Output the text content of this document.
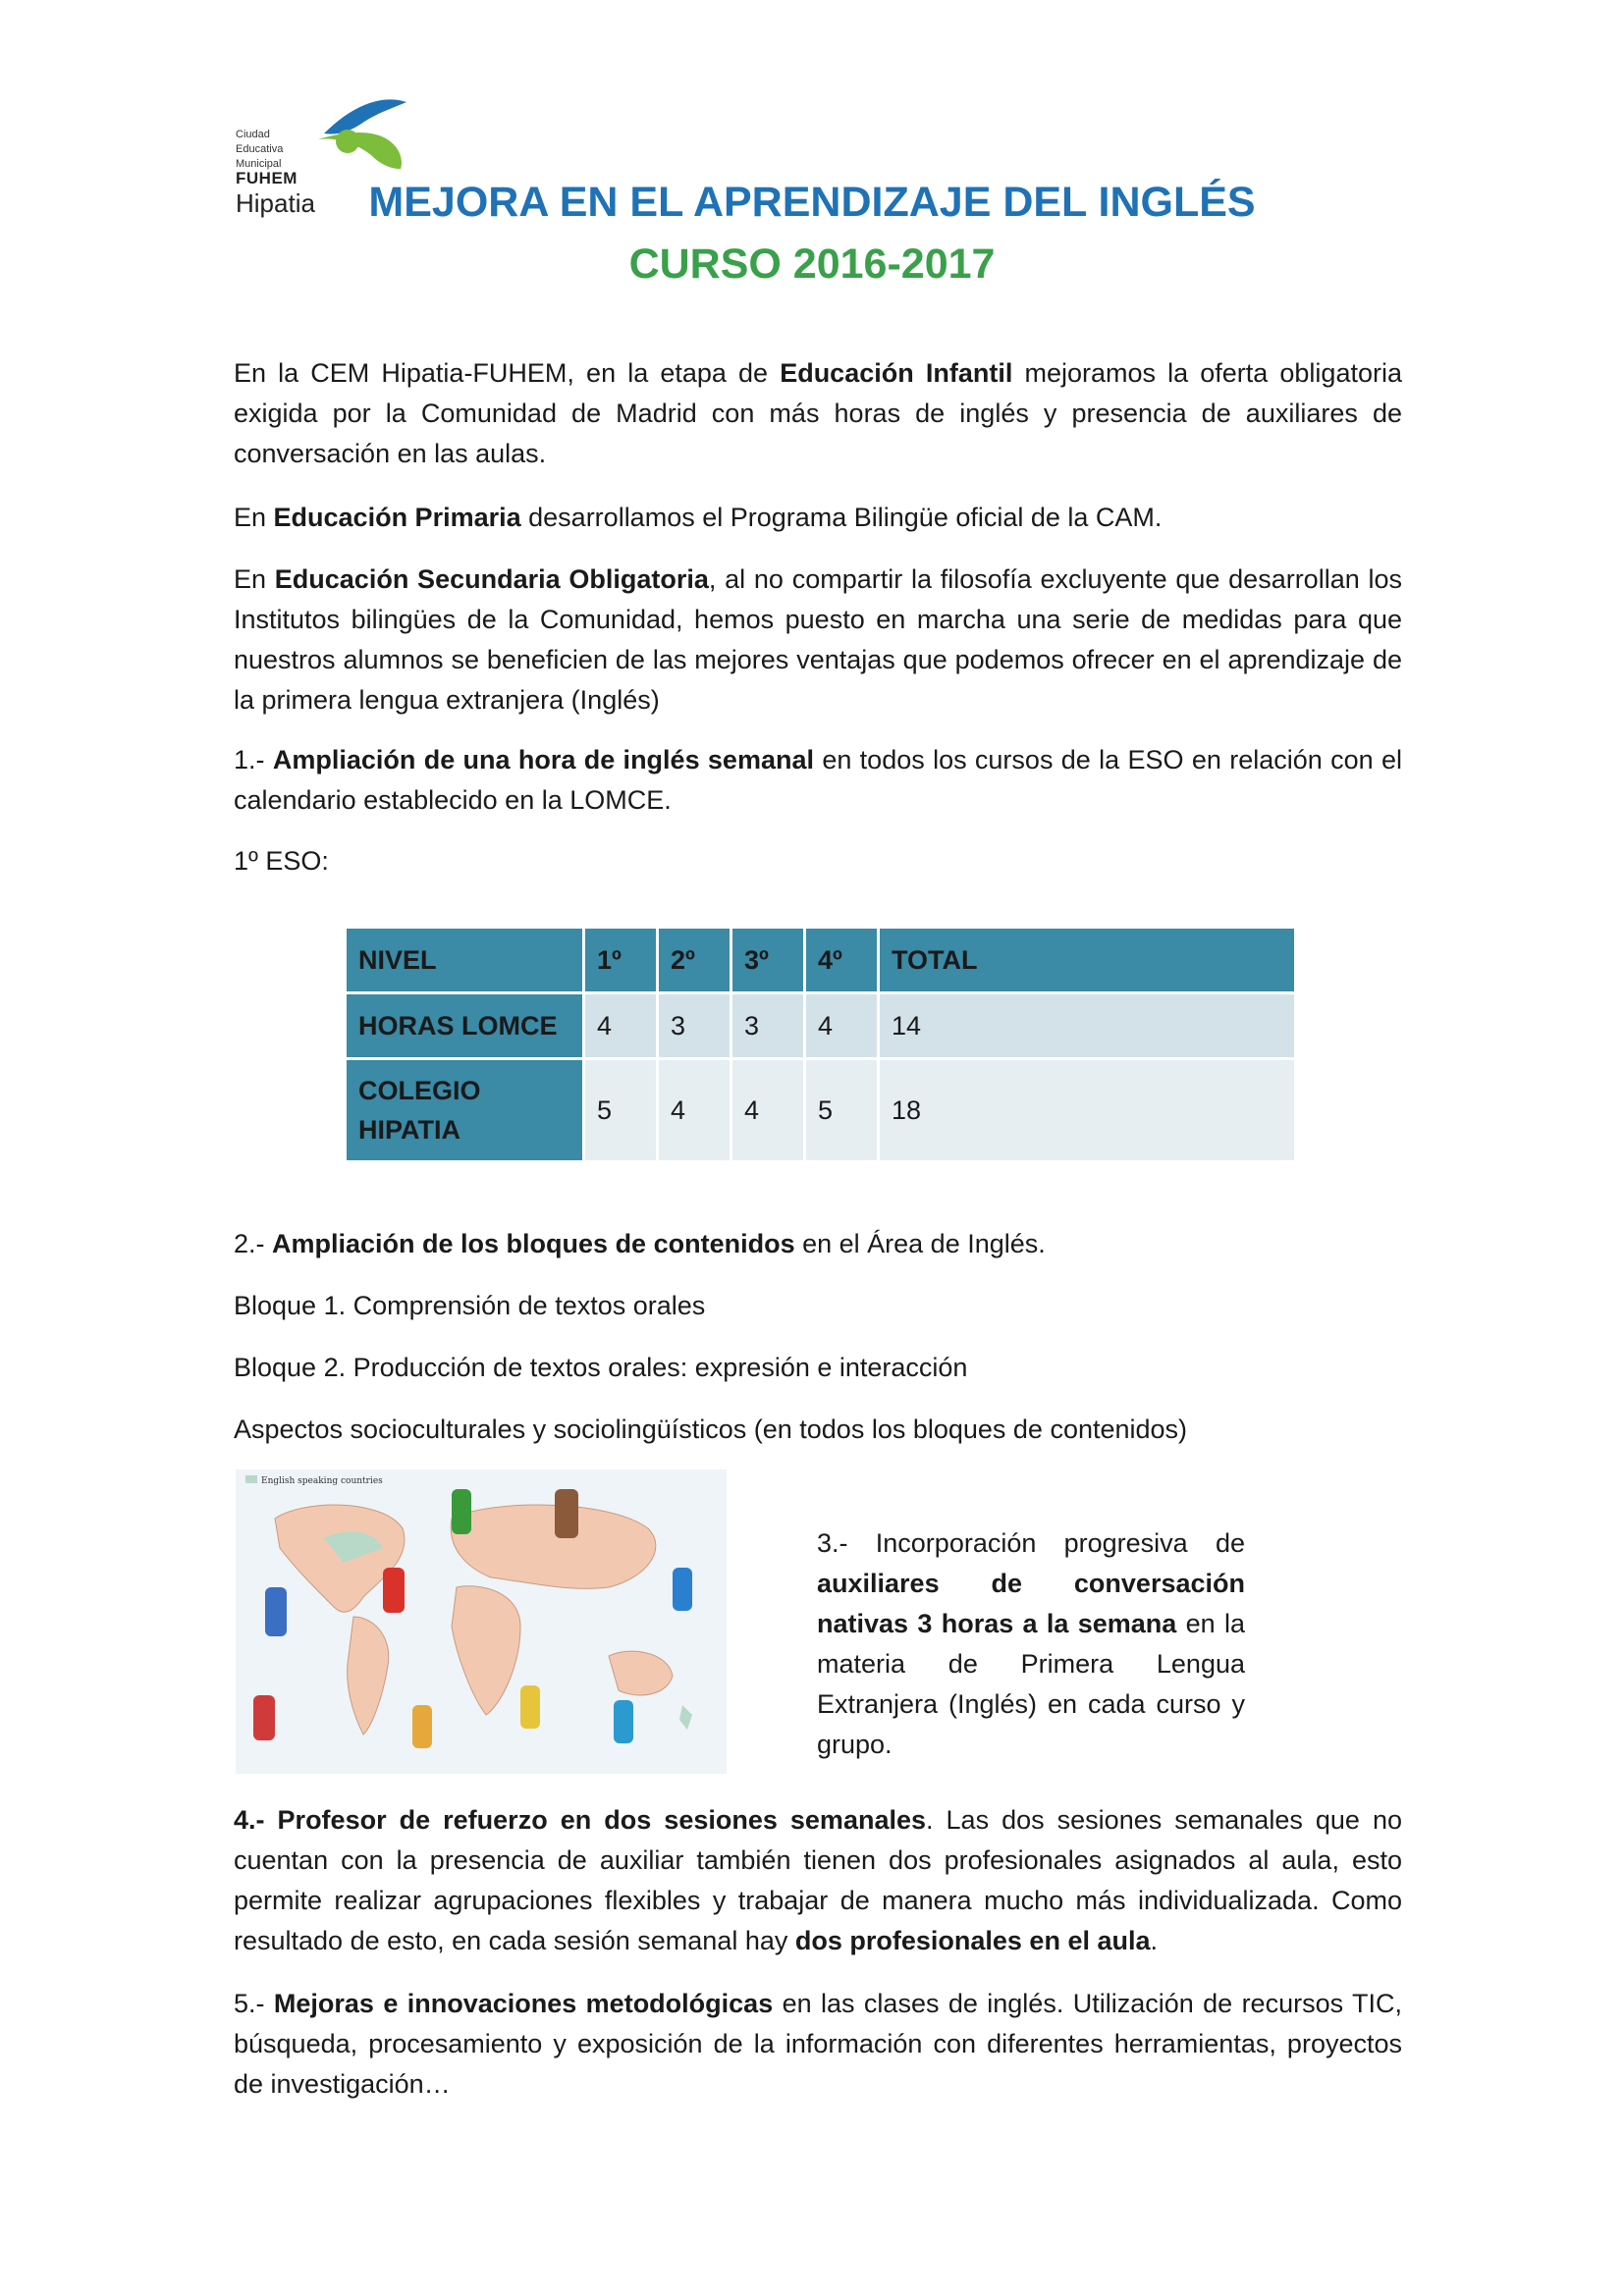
Ciudad
Educativa
Municipal
FUHEM
Hipatia	MEJORA EN EL APRENDIZAJE DEL INGLÉS
CURSO 2016-2017

En la CEM Hipatia-FUHEM, en la etapa de Educación Infantil mejoramos la oferta obligatoria exigida por la Comunidad de Madrid con más horas de inglés y presencia de auxiliares de conversación en las aulas.

En Educación Primaria desarrollamos el Programa Bilingüe oficial de la CAM.

En Educación Secundaria Obligatoria, al no compartir la filosofía excluyente que desarrollan los Institutos bilingües de la Comunidad, hemos puesto en marcha una serie de medidas para que nuestros alumnos se beneficien de las mejores ventajas que podemos ofrecer en el aprendizaje de la primera lengua extranjera (Inglés)

1.- Ampliación de una hora de inglés semanal en todos los cursos de la ESO en relación con el calendario establecido en la LOMCE.

1º ESO:

NIVEL	1º	2º	3º	4º	TOTAL
HORAS LOMCE	4	3	3	4	14
COLEGIO HIPATIA	5	4	4	5	18

2.- Ampliación de los bloques de contenidos en el Área de Inglés.

Bloque 1. Comprensión de textos orales

Bloque 2. Producción de textos orales: expresión e interacción

Aspectos socioculturales y sociolingüísticos (en todos los bloques de contenidos)

English speaking countries

3.- Incorporación progresiva de auxiliares de conversación nativas 3 horas a la semana en la materia de Primera Lengua Extranjera (Inglés) en cada curso y grupo.

4.- Profesor de refuerzo en dos sesiones semanales. Las dos sesiones semanales que no cuentan con la presencia de auxiliar también tienen dos profesionales asignados al aula, esto permite realizar agrupaciones flexibles y trabajar de manera mucho más individualizada. Como resultado de esto, en cada sesión semanal hay dos profesionales en el aula.

5.- Mejoras e innovaciones metodológicas en las clases de inglés. Utilización de recursos TIC, búsqueda, procesamiento y exposición de la información con diferentes herramientas, proyectos de investigación…
